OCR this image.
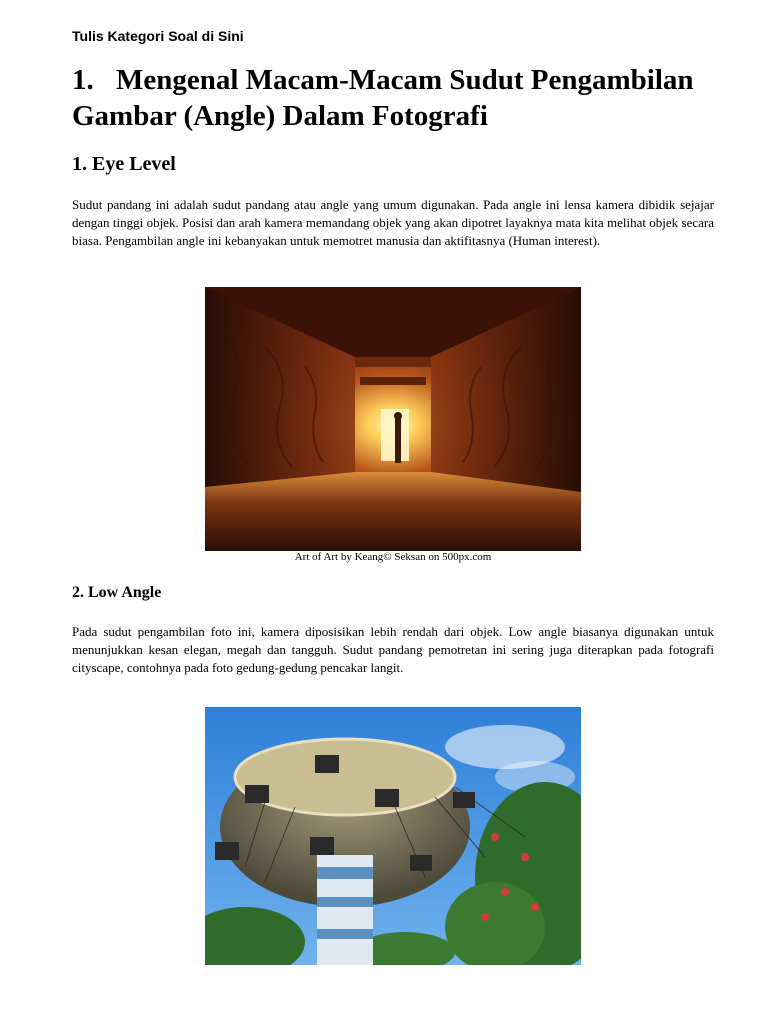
Tulis Kategori Soal di Sini
1. Mengenal Macam-Macam Sudut Pengambilan Gambar (Angle) Dalam Fotografi
1. Eye Level

Sudut pandang ini adalah sudut pandang atau angle yang umum digunakan. Pada angle ini lensa kamera dibidik sejajar dengan tinggi objek. Posisi dan arah kamera memandang objek yang akan dipotret layaknya mata kita melihat objek secara biasa. Pengambilan angle ini kebanyakan untuk memotret manusia dan aktifitasnya (Human interest).

Art of Art by Keang© Seksan on 500px.com
2. Low Angle

Pada sudut pengambilan foto ini, kamera diposisikan lebih rendah dari objek. Low angle biasanya digunakan untuk menunjukkan kesan elegan, megah dan tangguh. Sudut pandang pemotretan ini sering juga diterapkan pada fotografi cityscape, contohnya pada foto gedung-gedung pencakar langit.
